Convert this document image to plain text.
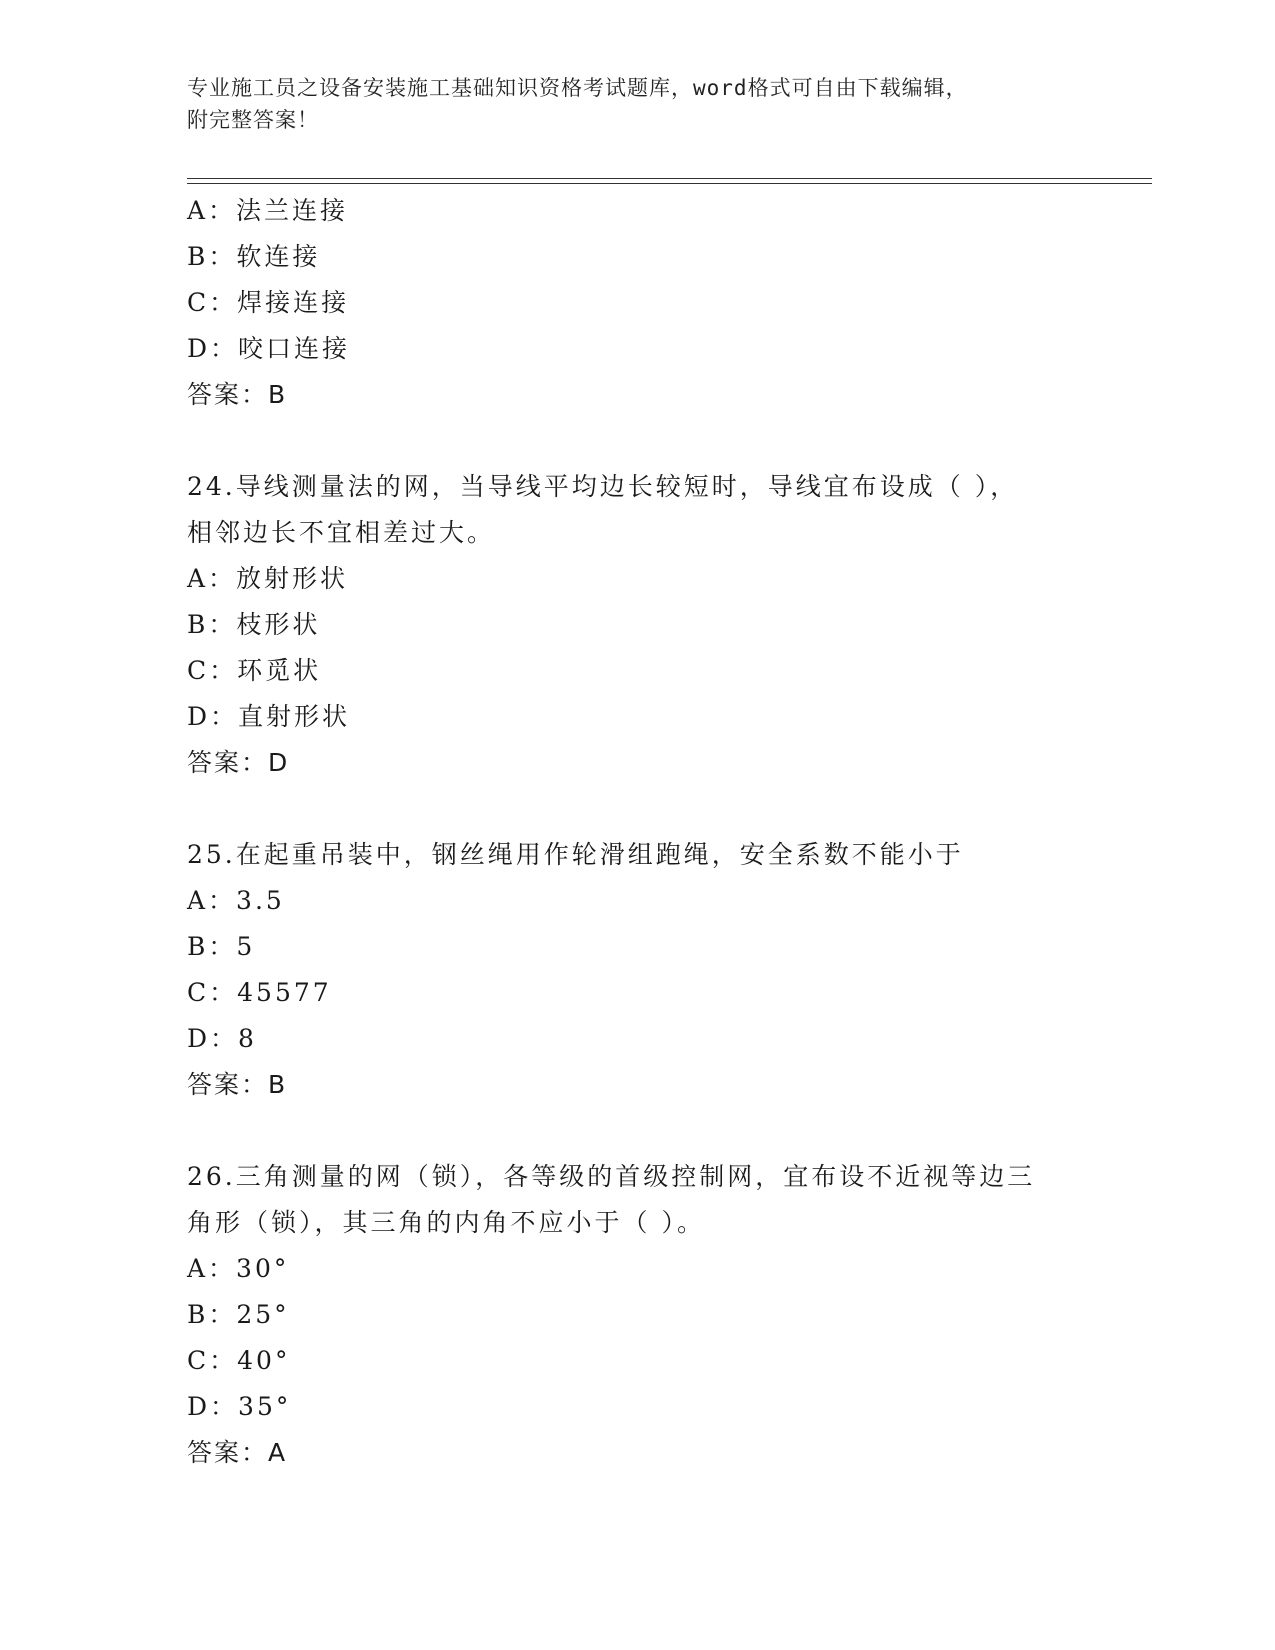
专业施工员之设备安装施工基础知识资格考试题库，word格式可自由下载编辑，
附完整答案！
A：法兰连接
B：软连接
C：焊接连接
D：咬口连接
答案：B
24.导线测量法的网，当导线平均边长较短时，导线宜布设成（ ），
相邻边长不宜相差过大。
A：放射形状
B：枝形状
C：环觅状
D：直射形状
答案：D
25.在起重吊装中，钢丝绳用作轮滑组跑绳，安全系数不能小于
A：3.5
B：5
C：45577
D：8
答案：B
26.三角测量的网（锁），各等级的首级控制网，宜布设不近视等边三
角形（锁），其三角的内角不应小于（ ）。
A：30°
B：25°
C：40°
D：35°
答案：A
